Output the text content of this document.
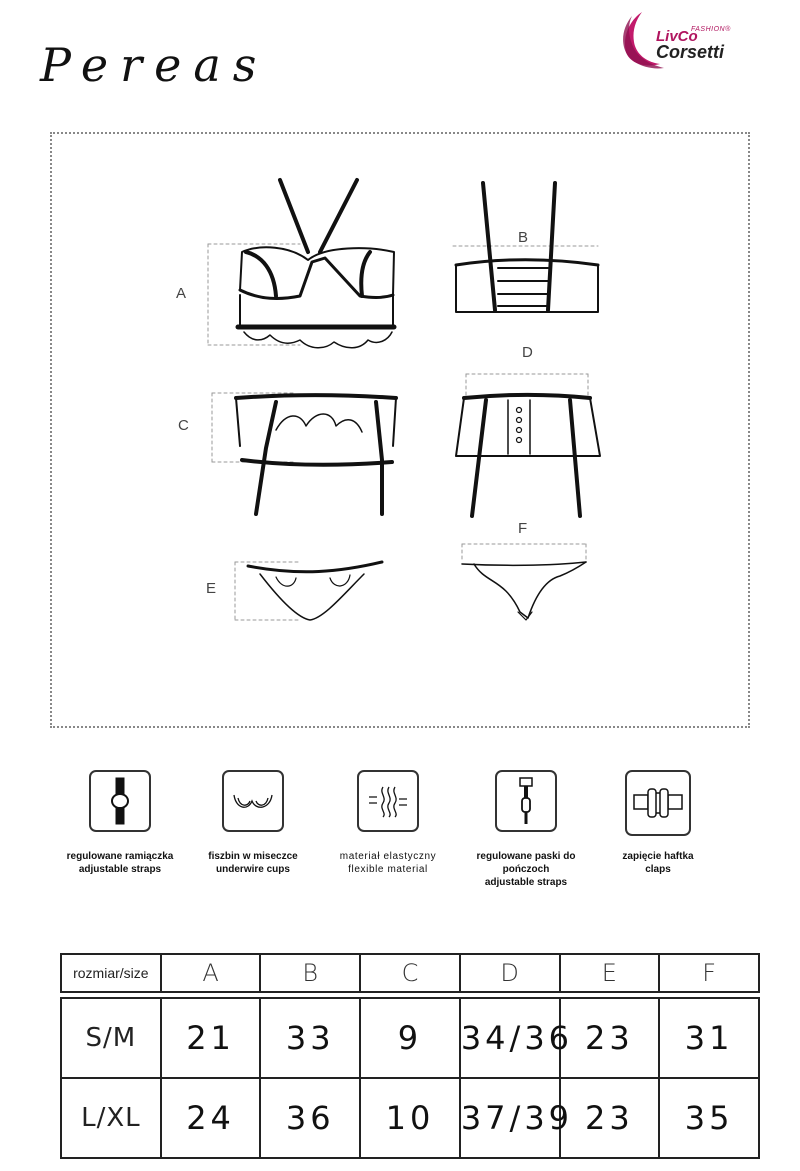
Pereas
LivCo
FASHION®
Corsetti
A
B
C
D
E
F
regulowane ramiączka
adjustable straps
fiszbin w miseczce
underwire cups
materiał elastyczny
flexible material
regulowane paski do pończoch
adjustable straps
zapięcie haftka
claps
rozmiar/size	A	B	C	D	E	F

S/M	21	33	9	34/36	23	31
L/XL	24	36	10	37/39	23	35
